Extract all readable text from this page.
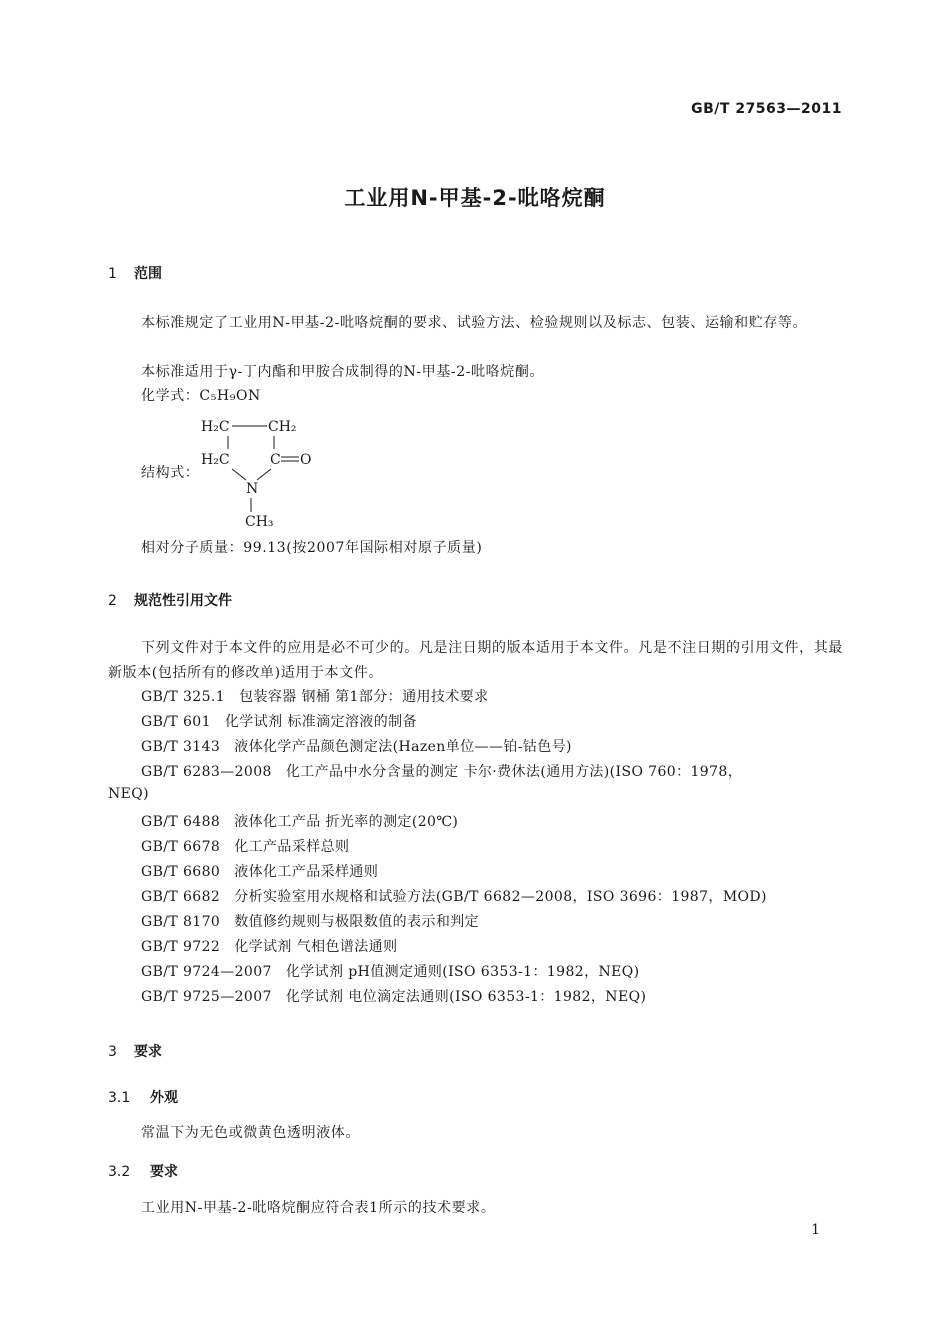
GB/T 27563—2011
工业用N-甲基-2-吡咯烷酮
1 范围
本标准规定了工业用N-甲基-2-吡咯烷酮的要求、试验方法、检验规则以及标志、包装、运输和贮存等。
本标准适用于γ-丁内酯和甲胺合成制得的N-甲基-2-吡咯烷酮。
化学式：C₅H₉ON
结构式：
H₂C	CH₂
H₂C	C O
N
CH₃
相对分子质量：99.13(按2007年国际相对原子质量)
2 规范性引用文件
下列文件对于本文件的应用是必不可少的。凡是注日期的版本适用于本文件。凡是不注日期的引用文件，其最新版本(包括所有的修改单)适用于本文件。
GB/T 325.1 包装容器 钢桶 第1部分：通用技术要求
GB/T 601 化学试剂 标准滴定溶液的制备
GB/T 3143 液体化学产品颜色测定法(Hazen单位——铂-钴色号)
GB/T 6283—2008 化工产品中水分含量的测定 卡尔·费休法(通用方法)(ISO 760：1978，
NEQ)
GB/T 6488 液体化工产品 折光率的测定(20℃)
GB/T 6678 化工产品采样总则
GB/T 6680 液体化工产品采样通则
GB/T 6682 分析实验室用水规格和试验方法(GB/T 6682—2008，ISO 3696：1987，MOD)
GB/T 8170 数值修约规则与极限数值的表示和判定
GB/T 9722 化学试剂 气相色谱法通则
GB/T 9724—2007 化学试剂 pH值测定通则(ISO 6353-1：1982，NEQ)
GB/T 9725—2007 化学试剂 电位滴定法通则(ISO 6353-1：1982，NEQ)
3 要求
3.1 外观
常温下为无色或微黄色透明液体。
3.2 要求
工业用N-甲基-2-吡咯烷酮应符合表1所示的技术要求。
1
